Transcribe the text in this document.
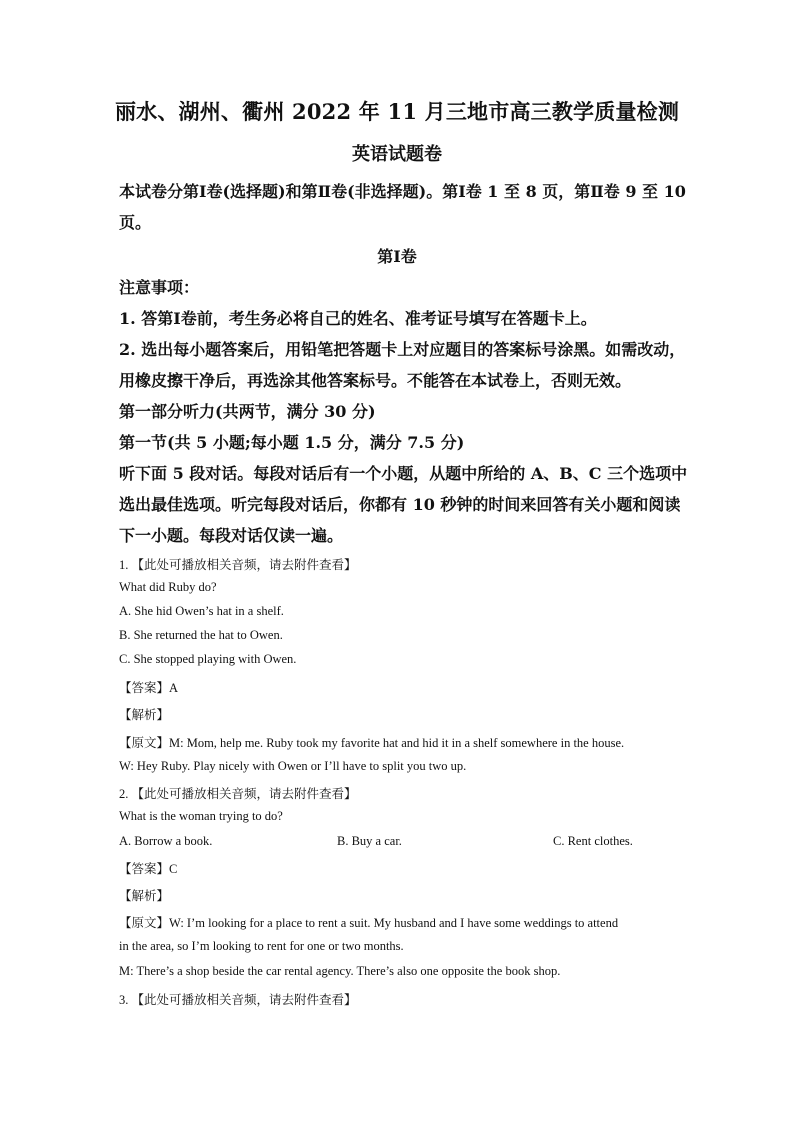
丽水、湖州、衢州 2022 年 11 月三地市高三教学质量检测
英语试题卷
本试卷分第Ⅰ卷(选择题)和第Ⅱ卷(非选择题)。第Ⅰ卷 1 至 8 页，第Ⅱ卷 9 至 10
页。
第Ⅰ卷
注意事项：
1. 答第Ⅰ卷前，考生务必将自己的姓名、准考证号填写在答题卡上。
2. 选出每小题答案后，用铅笔把答题卡上对应题目的答案标号涂黑。如需改动，
用橡皮擦干净后，再选涂其他答案标号。不能答在本试卷上，否则无效。
第一部分听力(共两节，满分 30 分)
第一节(共 5 小题;每小题 1.5 分，满分 7.5 分)
听下面 5 段对话。每段对话后有一个小题，从题中所给的 A、B、C 三个选项中
选出最佳选项。听完每段对话后，你都有 10 秒钟的时间来回答有关小题和阅读
下一小题。每段对话仅读一遍。
1. 【此处可播放相关音频，请去附件查看】
What did Ruby do?
A. She hid Owen’s hat in a shelf.
B. She returned the hat to Owen.
C. She stopped playing with Owen.
【答案】A
【解析】
【原文】M: Mom, help me. Ruby took my favorite hat and hid it in a shelf somewhere in the house.
W: Hey Ruby. Play nicely with Owen or I’ll have to split you two up.
2. 【此处可播放相关音频，请去附件查看】
What is the woman trying to do?
A. Borrow a book.	B. Buy a car.	C. Rent clothes.
【答案】C
【解析】
【原文】W: I’m looking for a place to rent a suit. My husband and I have some weddings to attend
in the area, so I’m looking to rent for one or two months.
M: There’s a shop beside the car rental agency. There’s also one opposite the book shop.
3. 【此处可播放相关音频，请去附件查看】
